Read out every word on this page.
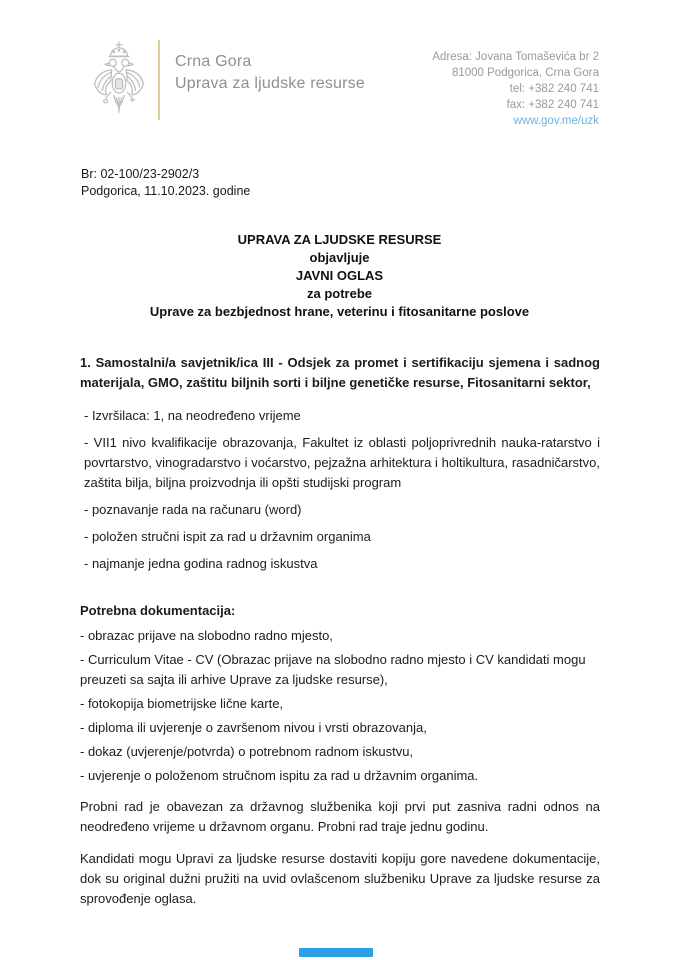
Crna Gora
Uprava za ljudske resurse
Adresa: Jovana Tomaševića br 2
81000 Podgorica, Crna Gora
tel: +382 240 741
fax: +382 240 741
www.gov.me/uzk
Br: 02-100/23-2902/3
Podgorica, 11.10.2023. godine
UPRAVA ZA LJUDSKE RESURSE
objavljuje
JAVNI OGLAS
za potrebe
Uprave za bezbjednost hrane, veterinu i fitosanitarne poslove

1. Samostalni/a savjetnik/ica III - Odsjek za promet i sertifikaciju sjemena i sadnog materijala, GMO, zaštitu biljnih sorti i biljne genetičke resurse, Fitosanitarni sektor,

- Izvršilaca: 1, na neodređeno vrijeme

- VII1 nivo kvalifikacije obrazovanja, Fakultet iz oblasti poljoprivrednih nauka-ratarstvo i povrtarstvo, vinogradarstvo i voćarstvo, pejzažna arhitektura i holtikultura, rasadničarstvo, zaštita bilja, biljna proizvodnja ili opšti studijski program

- poznavanje rada na računaru (word)

- položen stručni ispit za rad u državnim organima

- najmanje jedna godina radnog iskustva

Potrebna dokumentacija:

- obrazac prijave na slobodno radno mjesto,

- Curriculum Vitae - CV (Obrazac prijave na slobodno radno mjesto i CV kandidati mogu preuzeti sa sajta ili arhive Uprave za ljudske resurse),

- fotokopija biometrijske lične karte,

- diploma ili uvjerenje o završenom nivou i vrsti obrazovanja,

- dokaz (uvjerenje/potvrda) o potrebnom radnom iskustvu,

- uvjerenje o položenom stručnom ispitu za rad u državnim organima.

Probni rad je obavezan za državnog službenika koji prvi put zasniva radni odnos na neodređeno vrijeme u državnom organu. Probni rad traje jednu godinu.

Kandidati mogu Upravi za ljudske resurse dostaviti kopiju gore navedene dokumentacije, dok su original dužni pružiti na uvid ovlašcenom službeniku Uprave za ljudske resurse za sprovođenje oglasa.
